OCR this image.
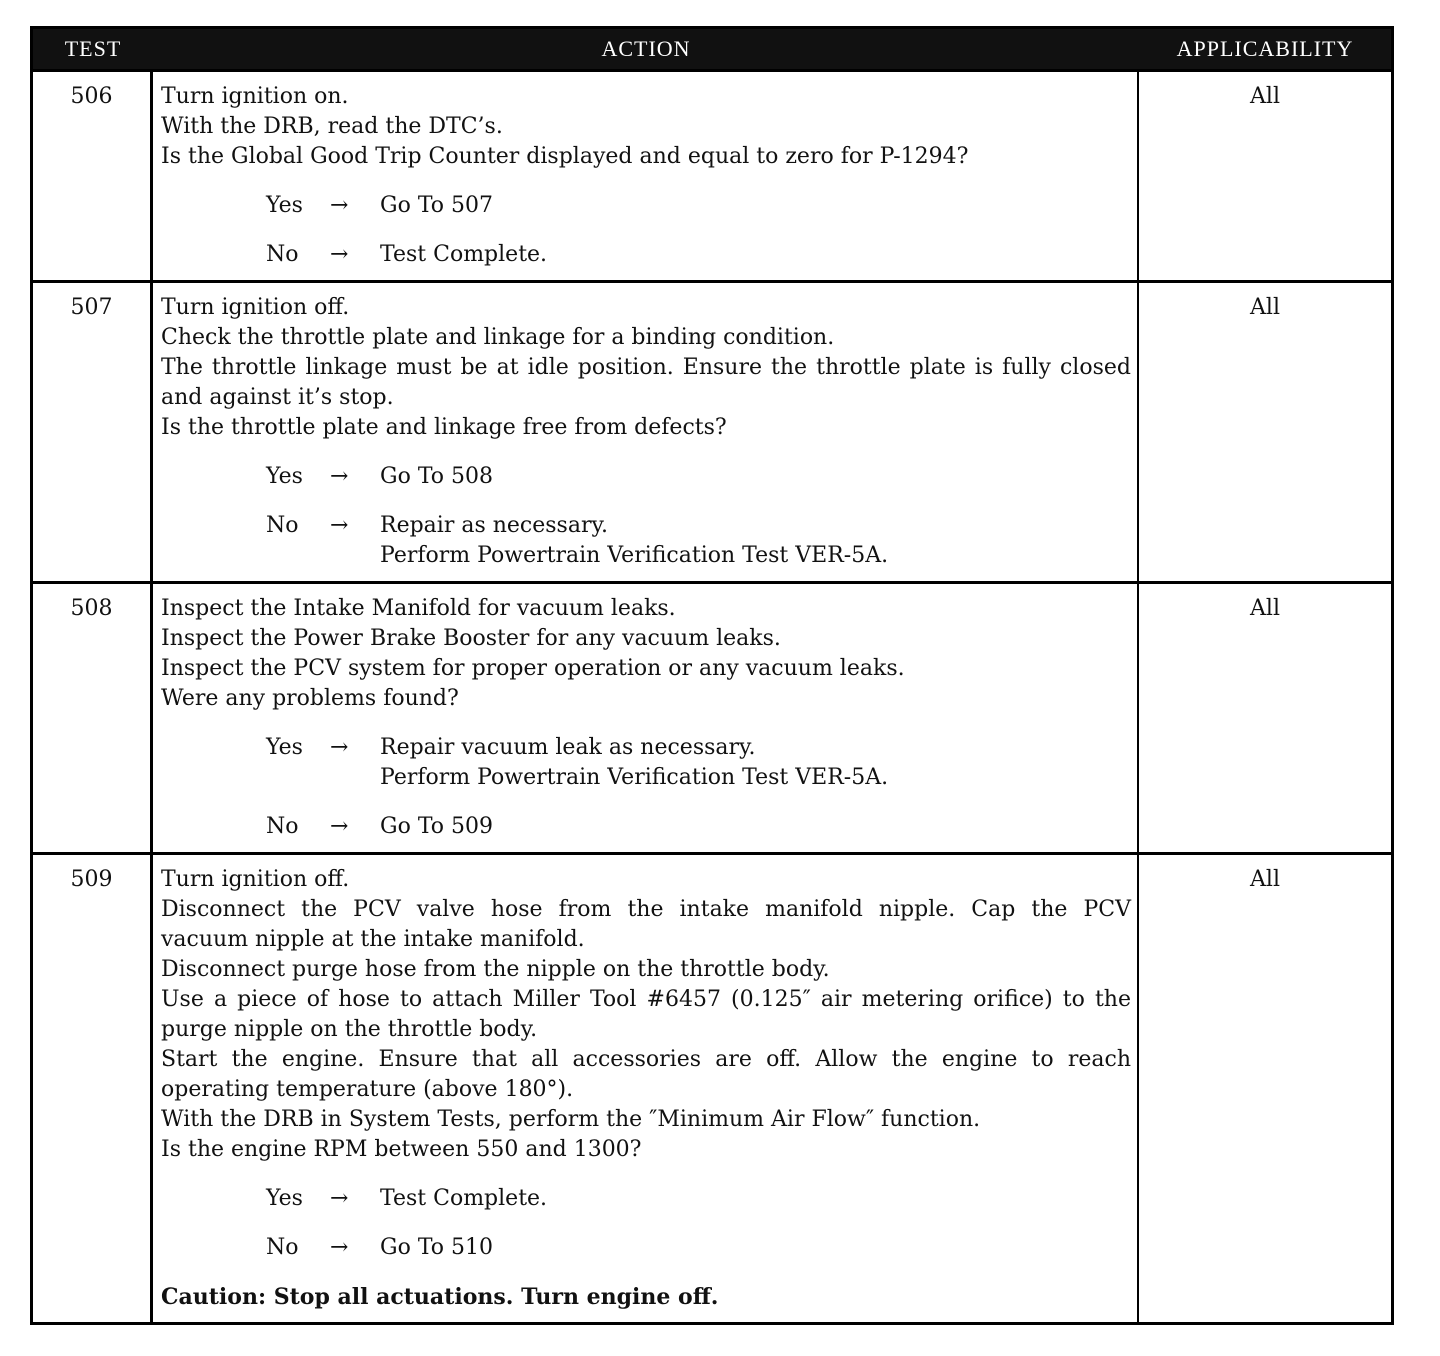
TEST	ACTION	APPLICABILITY
506	Turn ignition on.
With the DRB, read the DTC’s.
Is the Global Good Trip Counter displayed and equal to zero for P-1294?
Yes	→	Go To 507
No	→	Test Complete.
All
507	Turn ignition off.
Check the throttle plate and linkage for a binding condition.
The throttle linkage must be at idle position. Ensure the throttle plate is fully closed
and against it’s stop.
Is the throttle plate and linkage free from defects?
Yes	→	Go To 508
No	→	Repair as necessary.
Perform Powertrain Verification Test VER-5A.
All
508	Inspect the Intake Manifold for vacuum leaks.
Inspect the Power Brake Booster for any vacuum leaks.
Inspect the PCV system for proper operation or any vacuum leaks.
Were any problems found?
Yes	→	Repair vacuum leak as necessary.
Perform Powertrain Verification Test VER-5A.
No	→	Go To 509
All
509	Turn ignition off.
Disconnect the PCV valve hose from the intake manifold nipple. Cap the PCV
vacuum nipple at the intake manifold.
Disconnect purge hose from the nipple on the throttle body.
Use a piece of hose to attach Miller Tool #6457 (0.125″ air metering orifice) to the
purge nipple on the throttle body.
Start the engine. Ensure that all accessories are off. Allow the engine to reach
operating temperature (above 180°).
With the DRB in System Tests, perform the ″Minimum Air Flow″ function.
Is the engine RPM between 550 and 1300?
Yes	→	Test Complete.
No	→	Go To 510
Caution: Stop all actuations. Turn engine off.
All
